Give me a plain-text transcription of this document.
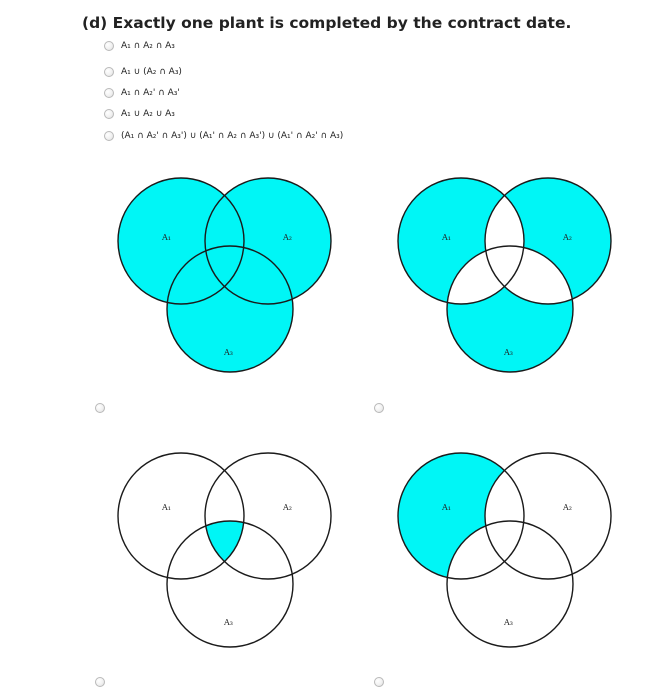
(d) Exactly one plant is completed by the contract date.
A₁ ∩ A₂ ∩ A₃
A₁ ∪ (A₂ ∩ A₃)
A₁ ∩ A₂' ∩ A₃'
A₁ ∪ A₂ ∪ A₃
(A₁ ∩ A₂' ∩ A₃') ∪ (A₁' ∩ A₂ ∩ A₃') ∪ (A₁' ∩ A₂' ∩ A₃)
A₁	A₂
A₃
A₁	A₂
A₃
A₁	A₂
A₃
A₁	A₂
A₃
